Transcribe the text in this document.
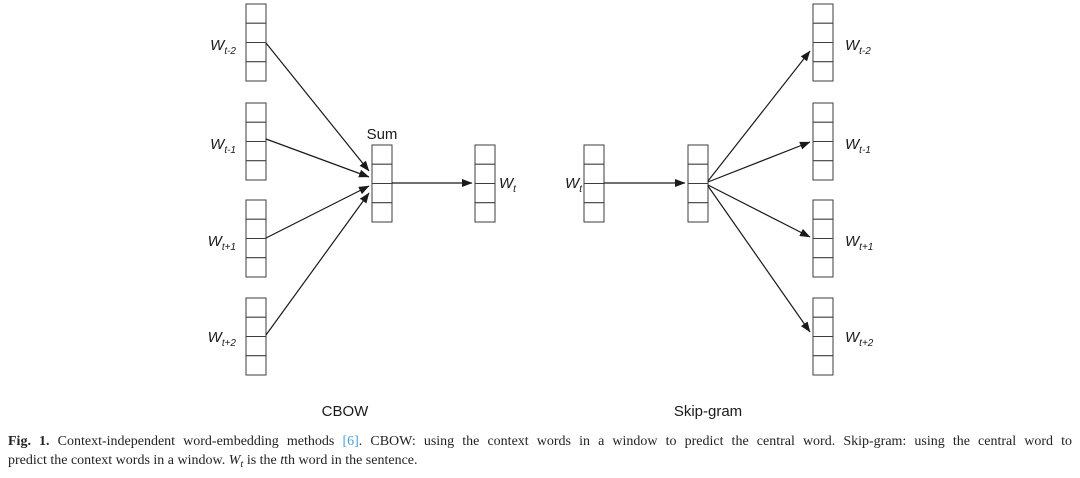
$W_{t-2}$
$W_{t-1}$
$W_{t+1}$
$W_{t+2}$
$W_t$	$W_t$
$W_{t-2}$
$W_{t-1}$
$W_{t+1}$
$W_{t+2}$
Sum
CBOW	Skip-gram
Fig. 1. Context-independent word-embedding methods [6]. CBOW: using the context words in a window to predict the central word. Skip-gram: using the central word to
predict the context words in a window. $W_t$ is the tth word in the sentence.
